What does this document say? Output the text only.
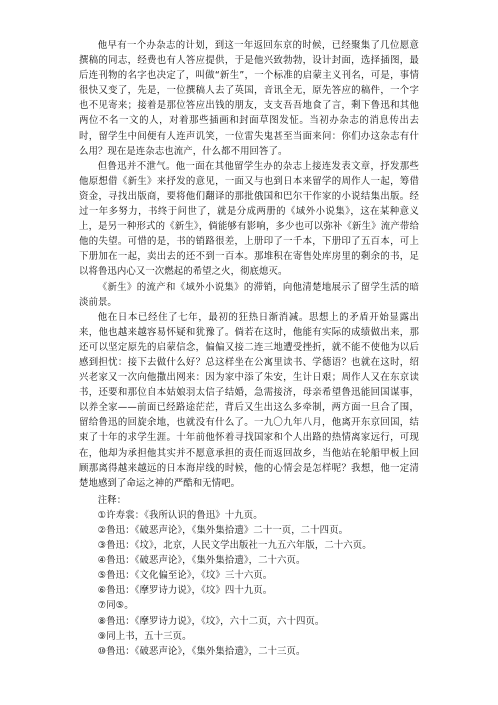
他早有一个办杂志的计划，到这一年返回东京的时候，已经聚集了几位愿意撰稿的同志，经费也有人答应提供，于是他兴致勃勃，设计封面，选择插图，最后连刊物的名字也决定了，叫做“新生”，一个标准的启蒙主义刊名，可是，事情很快又变了，先是，一位撰稿人去了英国，音讯全无，原先答应的稿件，一个字也不见寄来；接着是那位答应出钱的朋友，支支吾吾地食了言，剩下鲁迅和其他两位不名一文的人，对着那些插画和封面草图发怔。当初办杂志的消息传出去时，留学生中间便有人连声讥笑，一位雷失鬼甚至当面来问：你们办这杂志有什么用？现在是连杂志也流产，什么都不用回答了。

但鲁迅并不泄气。他一面在其他留学生办的杂志上接连发表文章，抒发那些他原想借《新生》来抒发的意见，一面又与也到日本来留学的周作人一起，筹借资金，寻找出版商，要将他们翻译的那批俄国和巴尔干作家的小说结集出版。经过一年多努力，书终于问世了，就是分成两册的《域外小说集》，这在某种意义上，是另一种形式的《新生》，倘能够有影响，多少也可以弥补《新生》流产带给他的失望。可惜的是，书的销路很差，上册印了一千本，下册印了五百本，可上下册加在一起，卖出去的还不到一百本。那堆积在寄售处库房里的剩余的书，足以将鲁迅内心又一次燃起的希望之火，彻底熄灭。

《新生》的流产和《域外小说集》的滞销，向他清楚地展示了留学生活的暗淡前景。

他在日本已经住了七年，最初的狂热日渐消减。思想上的矛盾开始显露出来，他也越来越容易怀疑和犹豫了。倘若在这时，他能有实际的成绩做出来，那还可以坚定原先的启蒙信念，偏偏又接二连三地遭受挫折，就不能不使他为以后感到担忧：接下去做什么好？总这样坐在公寓里读书、学德语？也就在这时，绍兴老家又一次向他撒出网来：因为家中添了朱安，生计日艰；周作人又在东京读书，还要和那位自本姑娘羽太信子结婚，急需接济，母亲希望鲁迅能回国谋事，以养全家——前面已经路途茫茫，背后又生出这么多牵制，两方面一旦合了围，留给鲁迅的回旋余地，也就没有什么了。一九〇九年八月，他离开东京回国，结束了十年的求学生涯。十年前他怀着寻找国家和个人出路的热情离家远行，可现在，他却为承担他其实并不愿意承担的责任而返回故乡，当他站在轮船甲板上回顾那离得越来越远的日本海岸线的时候，他的心情会是怎样呢？我想，他一定清楚地感到了命运之神的严酷和无情吧。

注释：

①许寿裳：《我所认识的鲁迅》十九页。

②鲁迅：《破恶声论》，《集外集拾遗》二十一页，二十四页。

③鲁迅：《坟》，北京，人民文学出版社一九五六年版，二十六页。

④鲁迅：《破恶声论》，《集外集拾遗》，二十六页。

⑤鲁迅：《文化偏至论》，《坟》三十六页。

⑥鲁迅：《摩罗诗力说》，《坟》四十九页。

⑦同⑤。

⑧鲁迅：《摩罗诗力说》，《坟》，六十二页，六十四页。

⑨同上书，五十三页。

⑩鲁迅：《破恶声论》，《集外集拾遗》，二十三页。
